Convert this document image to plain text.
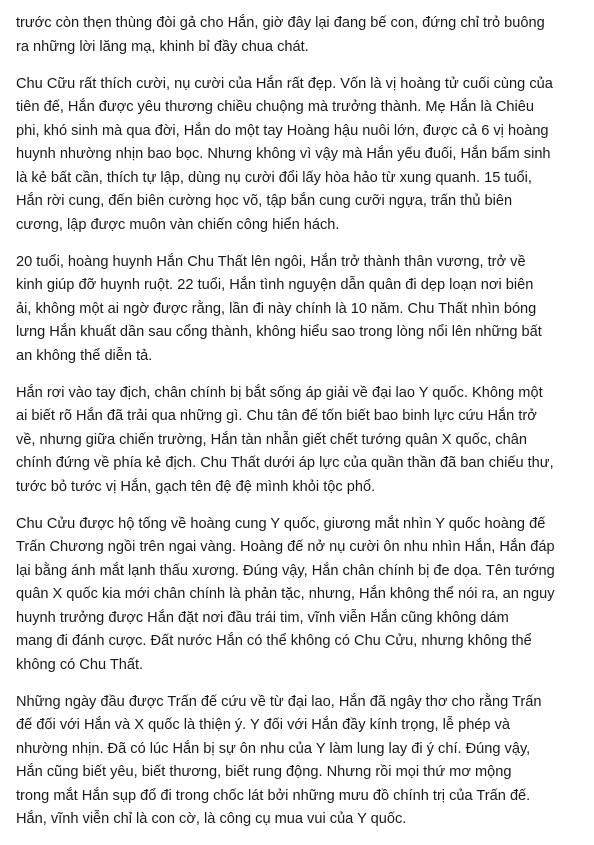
trước còn thẹn thùng đòi gả cho Hắn, giờ đây lại đang bế con, đứng chỉ trỏ buông
ra những lời lăng mạ, khinh bỉ đầy chua chát.

Chu Cữu rất thích cười, nụ cười của Hắn rất đẹp. Vốn là vị hoàng tử cuối cùng của
tiên đế, Hắn được yêu thương chiều chuộng mà trưởng thành. Mẹ Hắn là Chiêu
phi, khó sinh mà qua đời, Hắn do một tay Hoàng hậu nuôi lớn, được cả 6 vị hoàng
huynh nhường nhịn bao bọc. Nhưng không vì vậy mà Hắn yếu đuối, Hắn bẩm sinh
là kẻ bất cần, thích tự lập, dùng nụ cười đổi lấy hòa hảo từ xung quanh. 15 tuổi,
Hắn rời cung, đến biên cường học võ, tập bắn cung cưỡi ngựa, trấn thủ biên
cương, lập được muôn vàn chiến công hiển hách.

20 tuổi, hoàng huynh Hắn Chu Thất lên ngôi, Hắn trở thành thân vương, trở về
kinh giúp đỡ huynh ruột. 22 tuổi, Hắn tình nguyện dẫn quân đi dẹp loạn nơi biên
ải, không một ai ngờ được rằng, lần đi này chính là 10 năm. Chu Thất nhìn bóng
lưng Hắn khuất dần sau cổng thành, không hiểu sao trong lòng nổi lên những bất
an không thể diễn tả.

Hắn rơi vào tay địch, chân chính bị bắt sống áp giải về đại lao Y quốc. Không một
ai biết rõ Hắn đã trải qua những gì. Chu tân đế tốn biết bao binh lực cứu Hắn trở
về, nhưng giữa chiến trường, Hắn tàn nhẫn giết chết tướng quân X quốc, chân
chính đứng về phía kẻ địch. Chu Thất dưới áp lực của quần thần đã ban chiếu thư,
tước bỏ tước vị Hắn, gạch tên đệ đệ mình khỏi tộc phổ.

Chu Cửu được hộ tống về hoàng cung Y quốc, giương mắt nhìn Y quốc hoàng đế
Trấn Chương ngồi trên ngai vàng. Hoàng đế nở nụ cười ôn nhu nhìn Hắn, Hắn đáp
lại bằng ánh mắt lạnh thấu xương. Đúng vậy, Hắn chân chính bị đe dọa. Tên tướng
quân X quốc kia mới chân chính là phản tặc, nhưng, Hắn không thể nói ra, an nguy
huynh trưởng được Hắn đặt nơi đầu trái tim, vĩnh viễn Hắn cũng không dám
mang đi đánh cược. Đất nước Hắn có thể không có Chu Cửu, nhưng không thể
không có Chu Thất.

Những ngày đầu được Trấn đế cứu về từ đại lao, Hắn đã ngây thơ cho rằng Trấn
đế đối với Hắn và X quốc là thiện ý. Y đối với Hắn đầy kính trọng, lễ phép và
nhường nhịn. Đã có lúc Hắn bị sự ôn nhu của Y làm lung lay đi ý chí. Đúng vậy,
Hắn cũng biết yêu, biết thương, biết rung động. Nhưng rồi mọi thứ mơ mộng
trong mắt Hắn sụp đổ đi trong chốc lát bởi những mưu đồ chính trị của Trấn đế.
Hắn, vĩnh viễn chỉ là con cờ, là công cụ mua vui của Y quốc.
